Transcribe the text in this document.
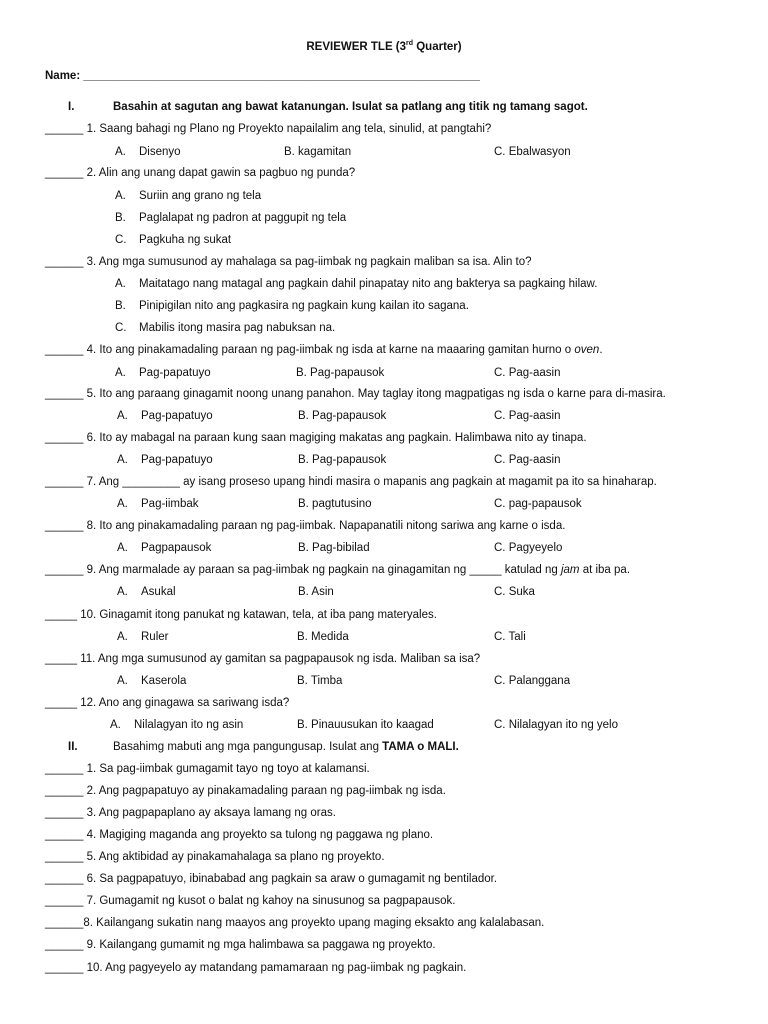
REVIEWER TLE (3rd Quarter)
Name: ______________________________________________________________
I.	Basahin at sagutan ang bawat katanungan. Isulat sa patlang ang titik ng tamang sagot.
______ 1. Saang bahagi ng Plano ng Proyekto napailalim ang tela, sinulid, at pangtahi?
A. Disenyo	B. kagamitan	C. Ebalwasyon
______ 2. Alin ang unang dapat gawin sa pagbuo ng punda?
A. Suriin ang grano ng tela
B. Paglalapat ng padron at paggupit ng tela
C. Pagkuha ng sukat
______ 3. Ang mga sumusunod ay mahalaga sa pag-iimbak ng pagkain maliban sa isa. Alin to?
A. Maitatago nang matagal ang pagkain dahil pinapatay nito ang bakterya sa pagkaing hilaw.
B. Pinipigilan nito ang pagkasira ng pagkain kung kailan ito sagana.
C. Mabilis itong masira pag nabuksan na.
______ 4. Ito ang pinakamadaling paraan ng pag-iimbak ng isda at karne na maaaring gamitan hurno o oven.
A. Pag-papatuyo	B. Pag-papausok	C. Pag-aasin
______ 5. Ito ang paraang ginagamit noong unang panahon. May taglay itong magpatigas ng isda o karne para di-masira.
A. Pag-papatuyo	B. Pag-papausok	C. Pag-aasin
______ 6. Ito ay mabagal na paraan kung saan magiging makatas ang pagkain. Halimbawa nito ay tinapa.
A. Pag-papatuyo	B. Pag-papausok	C. Pag-aasin
______ 7. Ang _________ ay isang proseso upang hindi masira o mapanis ang pagkain at magamit pa ito sa hinaharap.
A. Pag-iimbak	B. pagtutusino	C. pag-papausok
______ 8. Ito ang pinakamadaling paraan ng pag-iimbak. Napapanatili nitong sariwa ang karne o isda.
A. Pagpapausok	B. Pag-bibilad	C. Pagyeyelo
______ 9. Ang marmalade ay paraan sa pag-iimbak ng pagkain na ginagamitan ng _____ katulad ng jam at iba pa.
A. Asukal	B. Asin	C. Suka
_____ 10. Ginagamit itong panukat ng katawan, tela, at iba pang materyales.
A. Ruler	B. Medida	C. Tali
_____ 11. Ang mga sumusunod ay gamitan sa pagpapausok ng isda. Maliban sa isa?
A. Kaserola	B. Timba	C. Palanggana
_____ 12. Ano ang ginagawa sa sariwang isda?
A. Nilalagyan ito ng asin	B. Pinauusukan ito kaagad	C. Nilalagyan ito ng yelo
II.	Basahimg mabuti ang mga pangungusap. Isulat ang TAMA o MALI.
______ 1. Sa pag-iimbak gumagamit tayo ng toyo at kalamansi.
______ 2. Ang pagpapatuyo ay pinakamadaling paraan ng pag-iimbak ng isda.
______ 3. Ang pagpapaplano ay aksaya lamang ng oras.
______ 4. Magiging maganda ang proyekto sa tulong ng paggawa ng plano.
______ 5. Ang aktibidad ay pinakamahalaga sa plano ng proyekto.
______ 6. Sa pagpapatuyo, ibinababad ang pagkain sa araw o gumagamit ng bentilador.
______ 7. Gumagamit ng kusot o balat ng kahoy na sinusunog sa pagpapausok.
______8. Kailangang sukatin nang maayos ang proyekto upang maging eksakto ang kalalabasan.
______ 9. Kailangang gumamit ng mga halimbawa sa paggawa ng proyekto.
______ 10. Ang pagyeyelo ay matandang pamamaraan ng pag-iimbak ng pagkain.
